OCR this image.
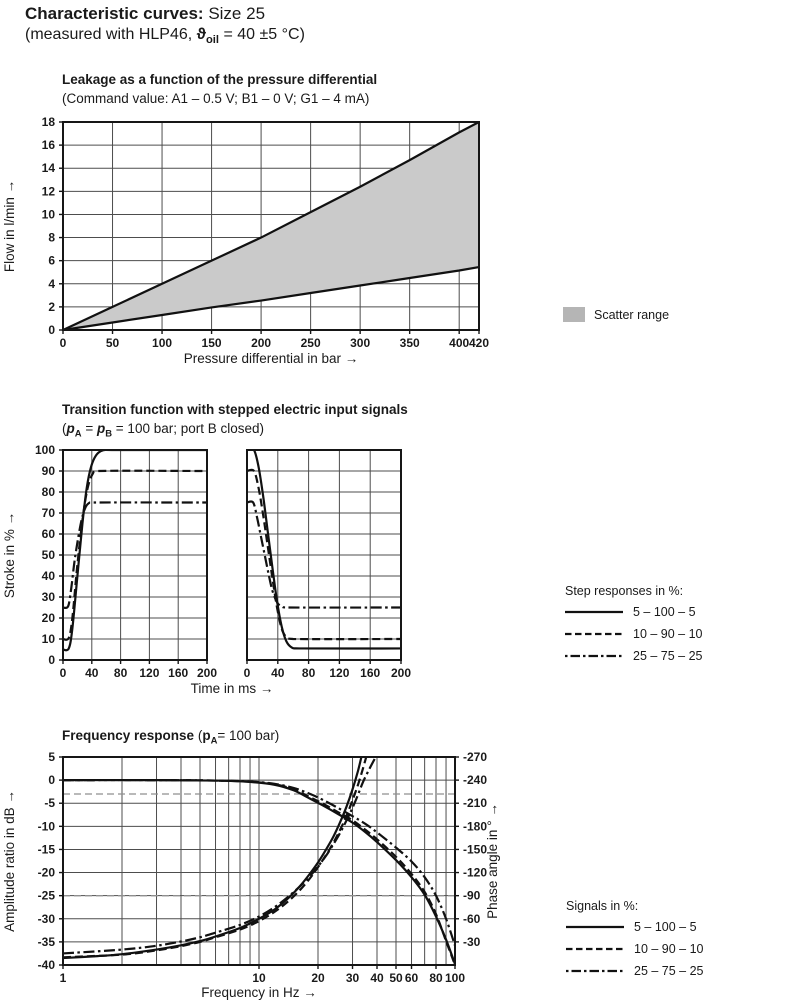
Characteristic curves: Size 25
(measured with HLP46, $ϑ_{oil} = 40 \pm 5$ °C)
Leakage as a function of the pressure differential
(Command value: A1 – 0.5 V; B1 – 0 V; G1 – 4 mA)
0	50	100 150 200 250 300 350 400 420
0
2
4
6
8
10
12
14
16
18
Pressure differential in bar →
Flow in l/min →
Scatter range
Transition function with stepped electric input signals
($p_A = p_B = 100$ bar; port B closed)
0 40 80 120 160 200 0 40 80 120 160 200
0
10
20
30
40
50
60
70
80
90
100
Time in ms →
Stroke in % →	Step responses in %:
5 – 100 – 5
10 – 90 – 10
25 – 75 – 25
Frequency response ($p_A= 100$ bar)
1	10	20 30 40 50 60 80 100
5
0
-5
-10
-15
-20
-25
-30
-35
-40
-270
-240
-210
-180
-150
-120
-90
-60
-30
Frequency in Hz →
Amplitude ratio in dB →	Phase angle in ° →	Signals in %:
5 – 100 – 5
10 – 90 – 10
25 – 75 – 25
